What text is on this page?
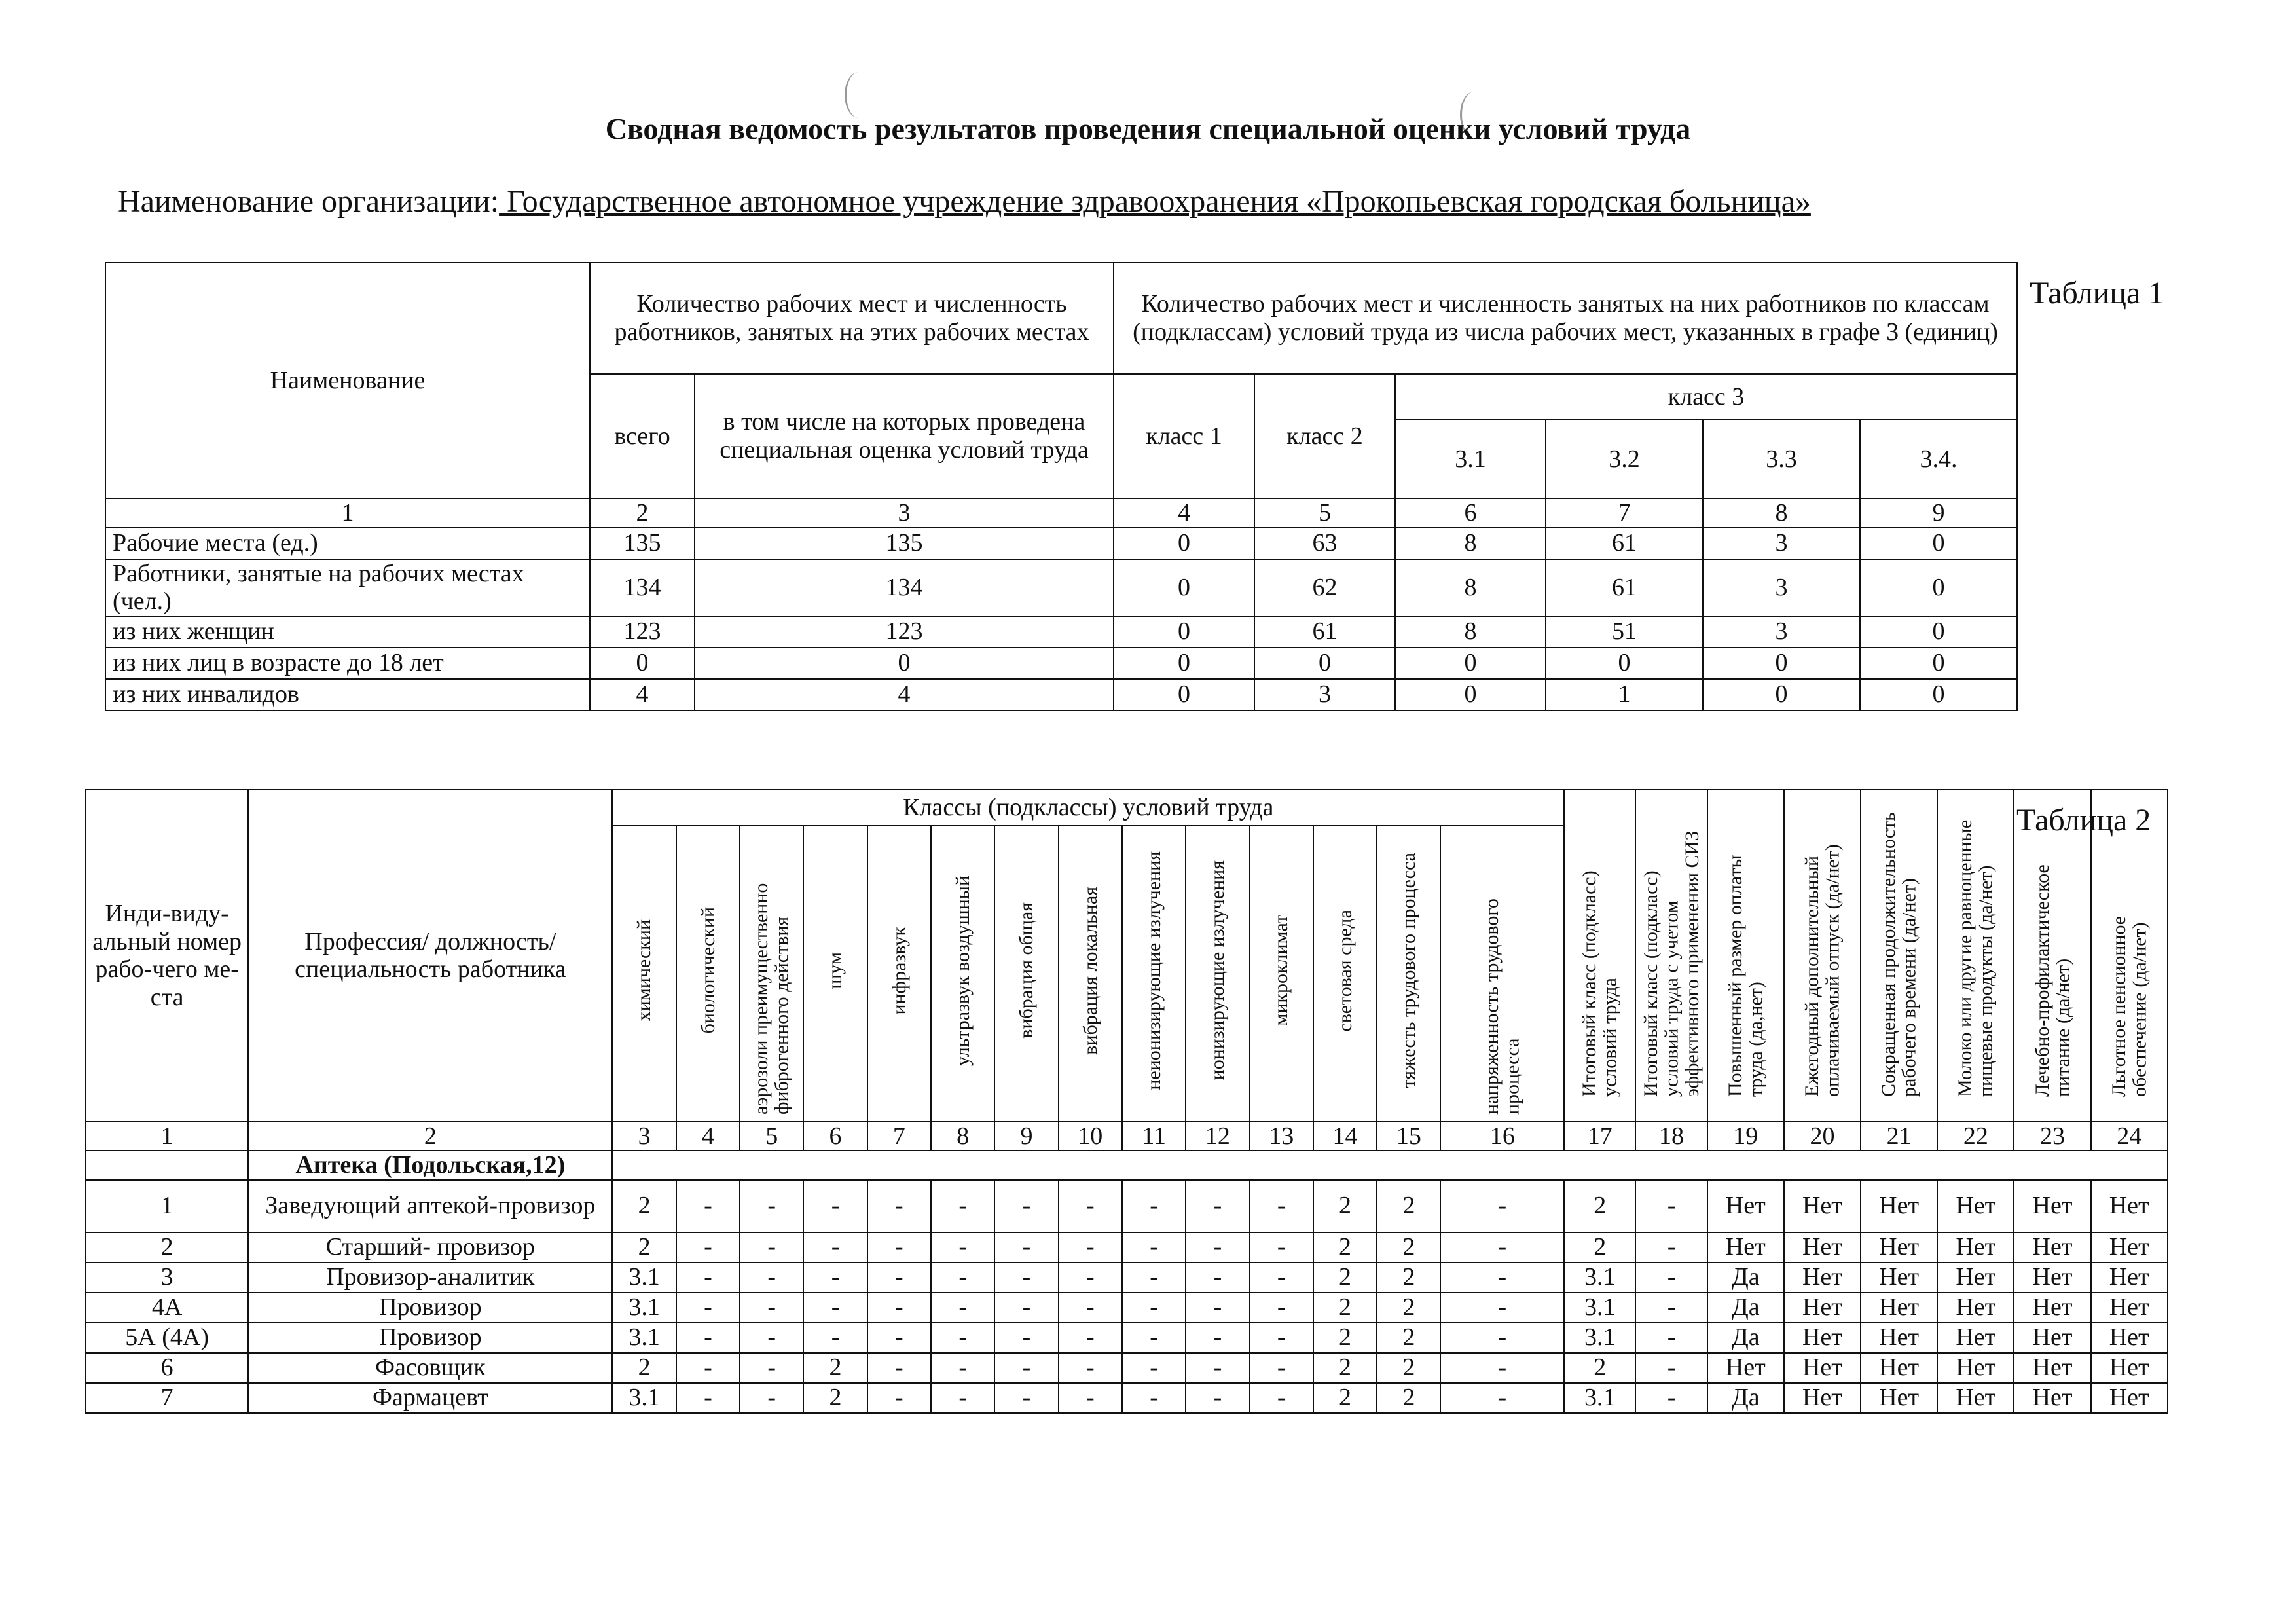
Сводная ведомость результатов проведения специальной оценки условий труда
Наименование организации: Государственное автономное учреждение здравоохранения «Прокопьевская городская больница»
Таблица 1
Наименование	Количество рабочих мест и численность работников, занятых на этих рабочих местах		Количество рабочих мест и численность занятых на них работников по классам (подклассам) условий труда из числа рабочих мест, указанных в графе 3 (единиц)						
	всего	в том числе на которых проведена специальная оценка условий труда	класс 1	класс 2	класс 3	
					3.1	3.2	3.3	3.4.	
1	2	3	4	5	6	7	8	9	
Рабочие места (ед.)	135	135	0	63	8	61	3	0	
Работники, занятые на рабочих местах (чел.)	134	134	0	62	8	61	3	0	
из них женщин	123	123	0	61	8	51	3	0	
из них лиц в возрасте до 18 лет	0	0	0	0	0	0	0	0	
из них инвалидов	4	4	0	3	0	1	0	0	
Таблица 2
Инди-виду-альный номер рабо-чего ме-ста	Профессия/ должность/ специальность работника	Классы (подклассы) условий труда														Итоговый класс (подкласс) условий труда	Итоговый класс (подкласс) условий труда с учетом эффективного применения СИЗ	Повышенный размер оплаты труда (да,нет)	Ежегодный дополнительный оплачиваемый отпуск (да/нет)	Сокращенная продолжительность рабочего времени (да/нет)	Молоко или другие равноценные пищевые продукты (да/нет)	Лечебно-профилактическое питание (да/нет)	Льготное пенсионное обеспечение (да/нет)
		химический	биологический	аэрозоли преимущественно фиброгенного действия	шум	инфразвук	ультразвук воздушный	вибрация общая	вибрация локальная	неионизирующие излучения	ионизирующие излучения	микроклимат	световая среда	тяжесть трудового процесса	напряженность трудового процесса								
1	2	3	4	5	6	7	8	9	10	11	12	13	14	15	16	17	18	19	20	21	22	23	24
	Аптека (Подольская,12)																						
1	Заведующий аптекой-провизор	2	-	-	-	-	-	-	-	-	-	-	2	2	-	2	-	Нет	Нет	Нет	Нет	Нет	Нет
2	Старший- провизор	2	-	-	-	-	-	-	-	-	-	-	2	2	-	2	-	Нет	Нет	Нет	Нет	Нет	Нет
3	Провизор-аналитик	3.1	-	-	-	-	-	-	-	-	-	-	2	2	-	3.1	-	Да	Нет	Нет	Нет	Нет	Нет
4А	Провизор	3.1	-	-	-	-	-	-	-	-	-	-	2	2	-	3.1	-	Да	Нет	Нет	Нет	Нет	Нет
5А (4А)	Провизор	3.1	-	-	-	-	-	-	-	-	-	-	2	2	-	3.1	-	Да	Нет	Нет	Нет	Нет	Нет
6	Фасовщик	2	-	-	2	-	-	-	-	-	-	-	2	2	-	2	-	Нет	Нет	Нет	Нет	Нет	Нет
7	Фармацевт	3.1	-	-	2	-	-	-	-	-	-	-	2	2	-	3.1	-	Да	Нет	Нет	Нет	Нет	Нет
